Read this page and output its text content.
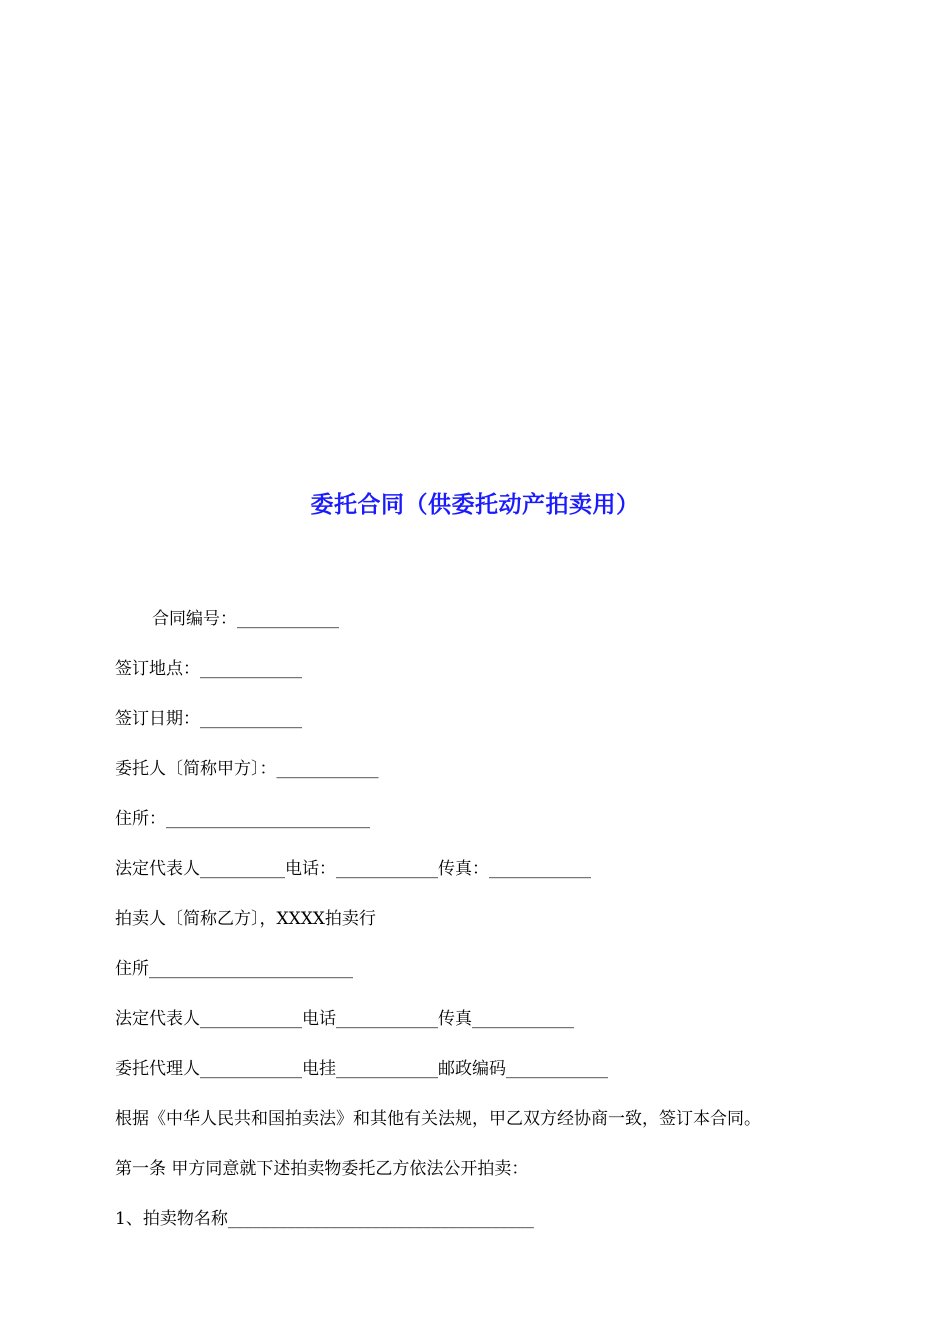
委托合同（供委托动产拍卖用）
合同编号：____________
签订地点：____________
签订日期：____________
委托人〔简称甲方〕：____________
住所：________________________
法定代表人__________电话：____________传真：____________
拍卖人〔简称乙方〕，XXXX拍卖行
住所________________________
法定代表人____________电话____________传真____________
委托代理人____________电挂____________邮政编码____________
根据《中华人民共和国拍卖法》和其他有关法规，甲乙双方经协商一致，签订本合同。
第一条 甲方同意就下述拍卖物委托乙方依法公开拍卖：
1、拍卖物名称____________________________________
